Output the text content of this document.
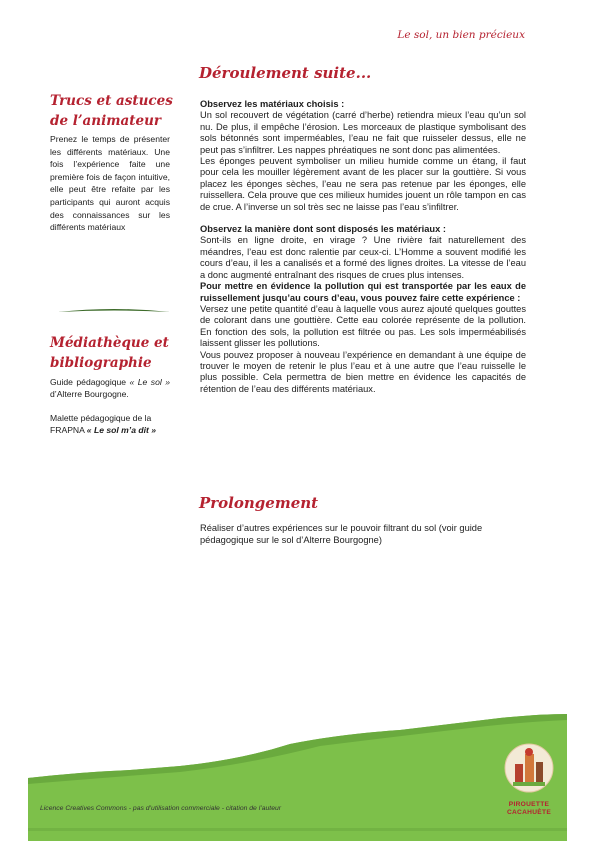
Le sol, un bien précieux
Trucs et astuces
de l’animateur
Prenez le temps de présenter les différents matériaux. Une fois l’expérience faite une première fois de façon intuitive, elle peut être refaite par les participants qui auront acquis des connaissances sur les différents matériaux
Médiathèque et
bibliographie

Guide pédagogique « Le sol » d’Alterre Bourgogne.

Malette pédagogique de la FRAPNA « Le sol m’a dit »

Déroulement suite...

Observez les matériaux choisis :

Un sol recouvert de végétation (carré d’herbe) retiendra mieux l’eau qu’un sol nu. De plus, il empêche l’érosion. Les morceaux de plastique symbolisant des sols bétonnés sont imperméables, l’eau ne fait que ruisseler dessus, elle ne peut pas s’infiltrer. Les nappes phréatiques ne sont donc pas alimentées.

Les éponges peuvent symboliser un milieu humide comme un étang, il faut pour cela les mouiller légèrement avant de les placer sur la gouttière. Si vous placez les éponges sèches, l’eau ne sera pas retenue par les éponges, elle ruissellera. Cela prouve que ces milieux humides jouent un rôle tampon en cas de crue. A l’inverse un sol très sec ne laisse pas l’eau s’infiltrer.

Observez la manière dont sont disposés les matériaux :

Sont-ils en ligne droite, en virage ? Une rivière fait naturellement des méandres, l’eau est donc ralentie par ceux-ci. L’Homme a souvent modifié les cours d’eau, il les a canalisés et a formé des lignes droites. La vitesse de l’eau a donc augmenté entraînant des risques de crues plus intenses.

Pour mettre en évidence la pollution qui est transportée par les eaux de ruissellement jusqu’au cours d’eau, vous pouvez faire cette expérience :

Versez une petite quantité d’eau à laquelle vous aurez ajouté quelques gouttes de colorant dans une gouttière. Cette eau colorée représente de la pollution. En fonction des sols, la pollution est filtrée ou pas. Les sols imperméabilisés laissent glisser les pollutions.

Vous pouvez proposer à nouveau l’expérience en demandant à une équipe de trouver le moyen de retenir le plus l’eau et à une autre que l’eau ruisselle le plus possible. Cela permettra de bien mettre en évidence les capacités de rétention de l’eau des différents matériaux.

Prolongement
Réaliser d’autres expériences sur le pouvoir filtrant du sol (voir guide pédagogique sur le sol d’Alterre Bourgogne)
Licence Creatives Commons - pas d’utilisation commerciale - citation de l’auteur
PIROUETTE
CACAHUÈTE
